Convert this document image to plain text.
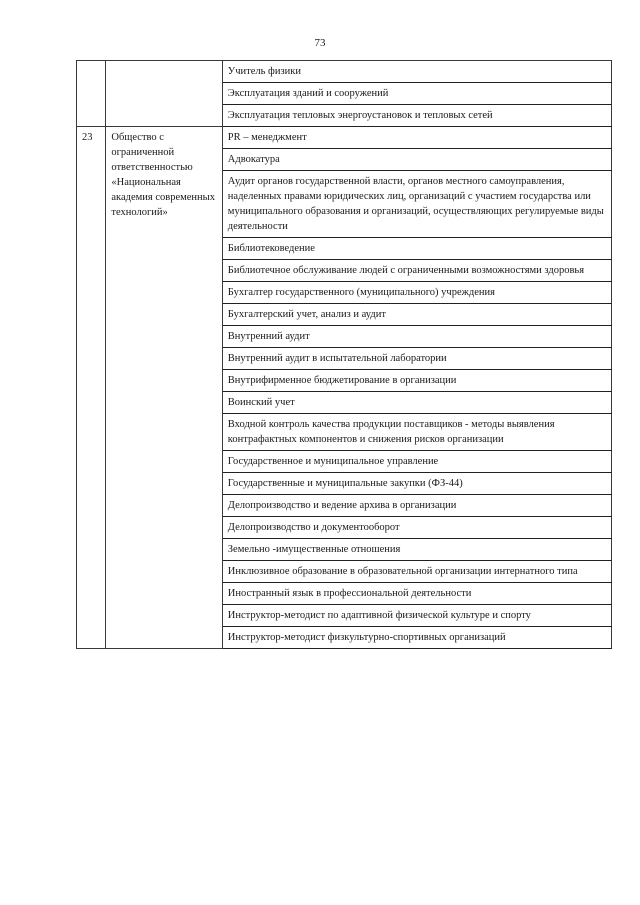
73
		Учитель физики
		Эксплуатация зданий и сооружений
		Эксплуатация тепловых энергоустановок и тепловых сетей
23	Общество с ограниченной ответственностью «Национальная академия современных технологий»	PR – менеджмент
		Адвокатура
		Аудит органов государственной власти, органов местного самоуправления, наделенных правами юридических лиц, организаций с участием государства или муниципального образования и организаций, осуществляющих регулируемые виды деятельности
		Библиотековедение
		Библиотечное обслуживание людей с ограниченными возможностями здоровья
		Бухгалтер государственного (муниципального) учреждения
		Бухгалтерский учет, анализ и аудит
		Внутренний аудит
		Внутренний аудит в испытательной лаборатории
		Внутрифирменное бюджетирование в организации
		Воинский учет
		Входной контроль качества продукции поставщиков - методы выявления контрафактных компонентов и снижения рисков организации
		Государственное и муниципальное управление
		Государственные и муниципальные закупки (ФЗ-44)
		Делопроизводство и ведение архива в организации
		Делопроизводство и документооборот
		Земельно -имущественные отношения
		Инклюзивное образование в образовательной организации интернатного типа
		Иностранный язык в профессиональной деятельности
		Инструктор-методист по адаптивной физической культуре и спорту
		Инструктор-методист физкультурно-спортивных организаций
